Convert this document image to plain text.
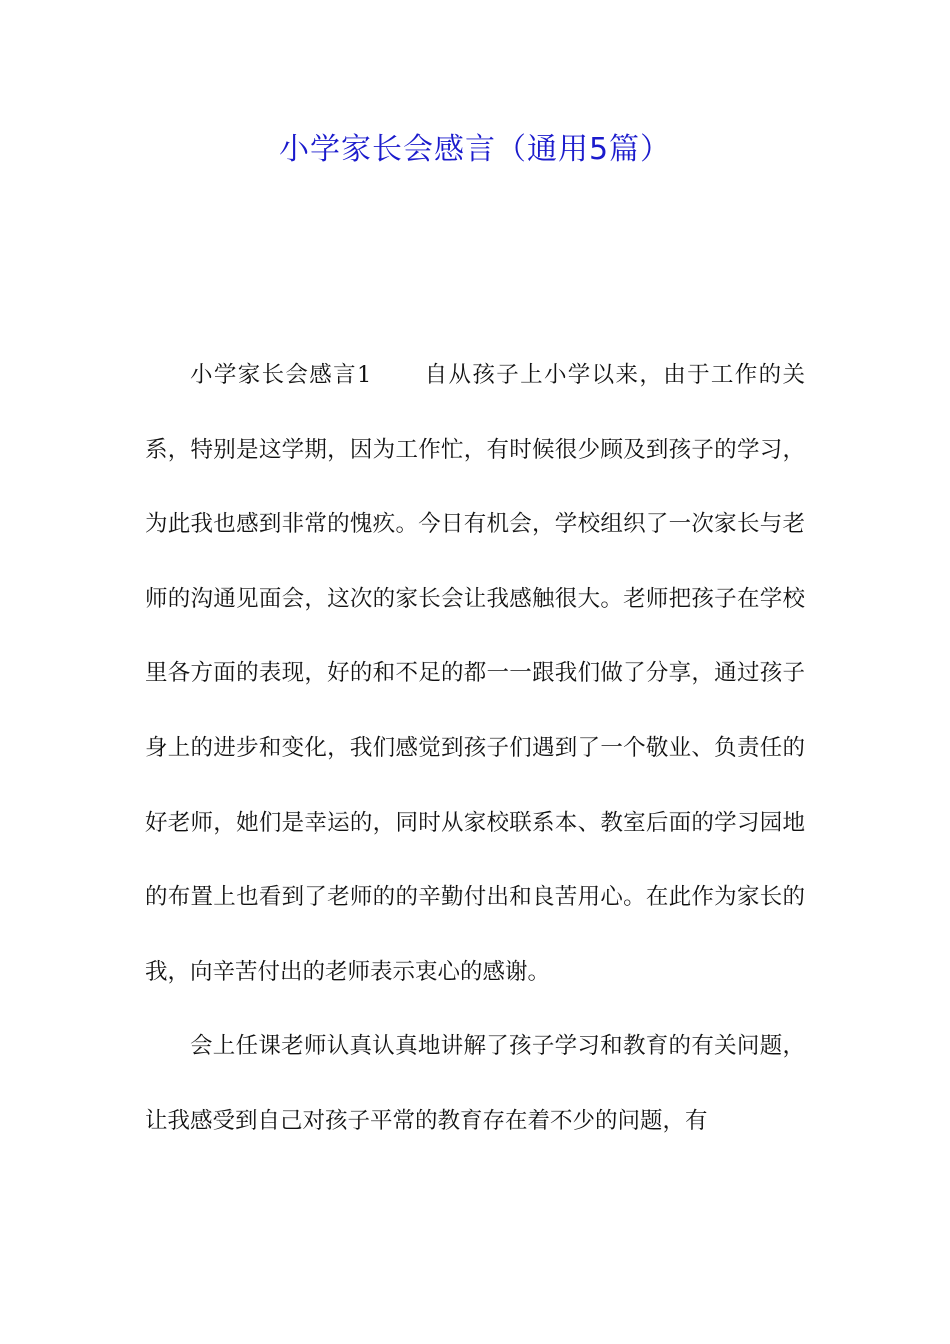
小学家长会感言（通用5篇）

小学家长会感言1 自从孩子上小学以来，由于工作的关系，特别是这学期，因为工作忙，有时候很少顾及到孩子的学习，为此我也感到非常的愧疚。今日有机会，学校组织了一次家长与老师的沟通见面会，这次的家长会让我感触很大。老师把孩子在学校里各方面的表现，好的和不足的都一一跟我们做了分享，通过孩子身上的进步和变化，我们感觉到孩子们遇到了一个敬业、负责任的好老师，她们是幸运的，同时从家校联系本、教室后面的学习园地的布置上也看到了老师的的辛勤付出和良苦用心。在此作为家长的我，向辛苦付出的老师表示衷心的感谢。

会上任课老师认真认真地讲解了孩子学习和教育的有关问题，让我感受到自己对孩子平常的教育存在着不少的问题，有
